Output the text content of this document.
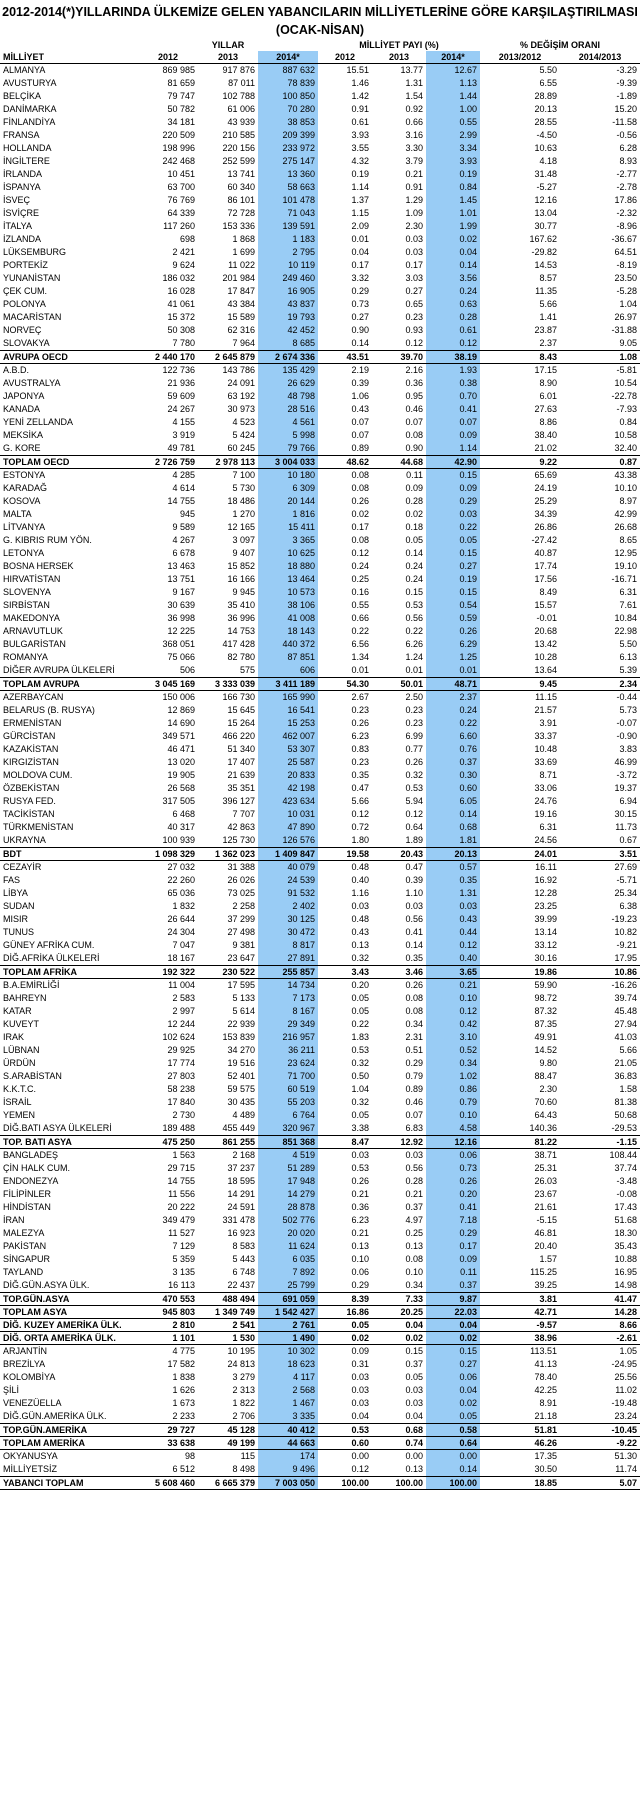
2012-2014(*)YILLARINDA ÜLKEMİZE GELEN YABANCILARIN MİLLİYETLERİNE GÖRE KARŞILAŞTIRILMASI (OCAK-NİSAN)
	YILLAR			MİLLİYET PAYI (%)			% DEĞİŞİM ORANI	
MİLLİYET	2012	2013	2014*	2012	2013	2014*	2013/2012	2014/2013
ALMANYA	869 985	917 876	887 632	15.51	13.77	12.67	5.50	-3.29
AVUSTURYA	81 659	87 011	78 839	1.46	1.31	1.13	6.55	-9.39
BELÇİKA	79 747	102 788	100 850	1.42	1.54	1.44	28.89	-1.89
DANİMARKA	50 782	61 006	70 280	0.91	0.92	1.00	20.13	15.20
FİNLANDİYA	34 181	43 939	38 853	0.61	0.66	0.55	28.55	-11.58
FRANSA	220 509	210 585	209 399	3.93	3.16	2.99	-4.50	-0.56
HOLLANDA	198 996	220 156	233 972	3.55	3.30	3.34	10.63	6.28
İNGİLTERE	242 468	252 599	275 147	4.32	3.79	3.93	4.18	8.93
İRLANDA	10 451	13 741	13 360	0.19	0.21	0.19	31.48	-2.77
İSPANYA	63 700	60 340	58 663	1.14	0.91	0.84	-5.27	-2.78
İSVEÇ	76 769	86 101	101 478	1.37	1.29	1.45	12.16	17.86
İSVİÇRE	64 339	72 728	71 043	1.15	1.09	1.01	13.04	-2.32
İTALYA	117 260	153 336	139 591	2.09	2.30	1.99	30.77	-8.96
İZLANDA	698	1 868	1 183	0.01	0.03	0.02	167.62	-36.67
LÜKSEMBURG	2 421	1 699	2 795	0.04	0.03	0.04	-29.82	64.51
PORTEKİZ	9 624	11 022	10 119	0.17	0.17	0.14	14.53	-8.19
YUNANİSTAN	186 032	201 984	249 460	3.32	3.03	3.56	8.57	23.50
ÇEK CUM.	16 028	17 847	16 905	0.29	0.27	0.24	11.35	-5.28
POLONYA	41 061	43 384	43 837	0.73	0.65	0.63	5.66	1.04
MACARİSTAN	15 372	15 589	19 793	0.27	0.23	0.28	1.41	26.97
NORVEÇ	50 308	62 316	42 452	0.90	0.93	0.61	23.87	-31.88
SLOVAKYA	7 780	7 964	8 685	0.14	0.12	0.12	2.37	9.05
AVRUPA OECD	2 440 170	2 645 879	2 674 336	43.51	39.70	38.19	8.43	1.08
A.B.D.	122 736	143 786	135 429	2.19	2.16	1.93	17.15	-5.81
AVUSTRALYA	21 936	24 091	26 629	0.39	0.36	0.38	8.90	10.54
JAPONYA	59 609	63 192	48 798	1.06	0.95	0.70	6.01	-22.78
KANADA	24 267	30 973	28 516	0.43	0.46	0.41	27.63	-7.93
YENİ ZELLANDA	4 155	4 523	4 561	0.07	0.07	0.07	8.86	0.84
MEKSİKA	3 919	5 424	5 998	0.07	0.08	0.09	38.40	10.58
G. KORE	49 781	60 245	79 766	0.89	0.90	1.14	21.02	32.40
TOPLAM OECD	2 726 759	2 978 113	3 004 033	48.62	44.68	42.90	9.22	0.87
ESTONYA	4 285	7 100	10 180	0.08	0.11	0.15	65.69	43.38
KARADAĞ	4 614	5 730	6 309	0.08	0.09	0.09	24.19	10.10
KOSOVA	14 755	18 486	20 144	0.26	0.28	0.29	25.29	8.97
MALTA	945	1 270	1 816	0.02	0.02	0.03	34.39	42.99
LİTVANYA	9 589	12 165	15 411	0.17	0.18	0.22	26.86	26.68
G. KIBRIS RUM YÖN.	4 267	3 097	3 365	0.08	0.05	0.05	-27.42	8.65
LETONYA	6 678	9 407	10 625	0.12	0.14	0.15	40.87	12.95
BOSNA HERSEK	13 463	15 852	18 880	0.24	0.24	0.27	17.74	19.10
HIRVATİSTAN	13 751	16 166	13 464	0.25	0.24	0.19	17.56	-16.71
SLOVENYA	9 167	9 945	10 573	0.16	0.15	0.15	8.49	6.31
SIRBİSTAN	30 639	35 410	38 106	0.55	0.53	0.54	15.57	7.61
MAKEDONYA	36 998	36 996	41 008	0.66	0.56	0.59	-0.01	10.84
ARNAVUTLUK	12 225	14 753	18 143	0.22	0.22	0.26	20.68	22.98
BULGARİSTAN	368 051	417 428	440 372	6.56	6.26	6.29	13.42	5.50
ROMANYA	75 066	82 780	87 851	1.34	1.24	1.25	10.28	6.13
DİĞER AVRUPA ÜLKELERİ	506	575	606	0.01	0.01	0.01	13.64	5.39
TOPLAM AVRUPA	3 045 169	3 333 039	3 411 189	54.30	50.01	48.71	9.45	2.34
AZERBAYCAN	150 006	166 730	165 990	2.67	2.50	2.37	11.15	-0.44
BELARUS (B. RUSYA)	12 869	15 645	16 541	0.23	0.23	0.24	21.57	5.73
ERMENİSTAN	14 690	15 264	15 253	0.26	0.23	0.22	3.91	-0.07
GÜRCİSTAN	349 571	466 220	462 007	6.23	6.99	6.60	33.37	-0.90
KAZAKİSTAN	46 471	51 340	53 307	0.83	0.77	0.76	10.48	3.83
KIRGIZİSTAN	13 020	17 407	25 587	0.23	0.26	0.37	33.69	46.99
MOLDOVA CUM.	19 905	21 639	20 833	0.35	0.32	0.30	8.71	-3.72
ÖZBEKİSTAN	26 568	35 351	42 198	0.47	0.53	0.60	33.06	19.37
RUSYA FED.	317 505	396 127	423 634	5.66	5.94	6.05	24.76	6.94
TACİKİSTAN	6 468	7 707	10 031	0.12	0.12	0.14	19.16	30.15
TÜRKMENİSTAN	40 317	42 863	47 890	0.72	0.64	0.68	6.31	11.73
UKRAYNA	100 939	125 730	126 576	1.80	1.89	1.81	24.56	0.67
BDT	1 098 329	1 362 023	1 409 847	19.58	20.43	20.13	24.01	3.51
CEZAYİR	27 032	31 388	40 079	0.48	0.47	0.57	16.11	27.69
FAS	22 260	26 026	24 539	0.40	0.39	0.35	16.92	-5.71
LİBYA	65 036	73 025	91 532	1.16	1.10	1.31	12.28	25.34
SUDAN	1 832	2 258	2 402	0.03	0.03	0.03	23.25	6.38
MISIR	26 644	37 299	30 125	0.48	0.56	0.43	39.99	-19.23
TUNUS	24 304	27 498	30 472	0.43	0.41	0.44	13.14	10.82
GÜNEY AFRİKA CUM.	7 047	9 381	8 817	0.13	0.14	0.12	33.12	-9.21
DİĞ.AFRİKA ÜLKELERİ	18 167	23 647	27 891	0.32	0.35	0.40	30.16	17.95
TOPLAM AFRİKA	192 322	230 522	255 857	3.43	3.46	3.65	19.86	10.86
B.A.EMİRLİĞİ	11 004	17 595	14 734	0.20	0.26	0.21	59.90	-16.26
BAHREYN	2 583	5 133	7 173	0.05	0.08	0.10	98.72	39.74
KATAR	2 997	5 614	8 167	0.05	0.08	0.12	87.32	45.48
KUVEYT	12 244	22 939	29 349	0.22	0.34	0.42	87.35	27.94
IRAK	102 624	153 839	216 957	1.83	2.31	3.10	49.91	41.03
LÜBNAN	29 925	34 270	36 211	0.53	0.51	0.52	14.52	5.66
ÜRDÜN	17 774	19 516	23 624	0.32	0.29	0.34	9.80	21.05
S.ARABİSTAN	27 803	52 401	71 700	0.50	0.79	1.02	88.47	36.83
K.K.T.C.	58 238	59 575	60 519	1.04	0.89	0.86	2.30	1.58
İSRAİL	17 840	30 435	55 203	0.32	0.46	0.79	70.60	81.38
YEMEN	2 730	4 489	6 764	0.05	0.07	0.10	64.43	50.68
DİĞ.BATI ASYA ÜLKELERİ	189 488	455 449	320 967	3.38	6.83	4.58	140.36	-29.53
TOP. BATI ASYA	475 250	861 255	851 368	8.47	12.92	12.16	81.22	-1.15
BANGLADEŞ	1 563	2 168	4 519	0.03	0.03	0.06	38.71	108.44
ÇİN HALK CUM.	29 715	37 237	51 289	0.53	0.56	0.73	25.31	37.74
ENDONEZYA	14 755	18 595	17 948	0.26	0.28	0.26	26.03	-3.48
FİLİPİNLER	11 556	14 291	14 279	0.21	0.21	0.20	23.67	-0.08
HİNDİSTAN	20 222	24 591	28 878	0.36	0.37	0.41	21.61	17.43
İRAN	349 479	331 478	502 776	6.23	4.97	7.18	-5.15	51.68
MALEZYA	11 527	16 923	20 020	0.21	0.25	0.29	46.81	18.30
PAKİSTAN	7 129	8 583	11 624	0.13	0.13	0.17	20.40	35.43
SİNGAPUR	5 359	5 443	6 035	0.10	0.08	0.09	1.57	10.88
TAYLAND	3 135	6 748	7 892	0.06	0.10	0.11	115.25	16.95
DİĞ.GÜN.ASYA ÜLK.	16 113	22 437	25 799	0.29	0.34	0.37	39.25	14.98
TOP.GÜN.ASYA	470 553	488 494	691 059	8.39	7.33	9.87	3.81	41.47
TOPLAM ASYA	945 803	1 349 749	1 542 427	16.86	20.25	22.03	42.71	14.28
DİĞ. KUZEY AMERİKA ÜLK.	2 810	2 541	2 761	0.05	0.04	0.04	-9.57	8.66
DİĞ. ORTA AMERİKA ÜLK.	1 101	1 530	1 490	0.02	0.02	0.02	38.96	-2.61
ARJANTİN	4 775	10 195	10 302	0.09	0.15	0.15	113.51	1.05
BREZİLYA	17 582	24 813	18 623	0.31	0.37	0.27	41.13	-24.95
KOLOMBİYA	1 838	3 279	4 117	0.03	0.05	0.06	78.40	25.56
ŞİLİ	1 626	2 313	2 568	0.03	0.03	0.04	42.25	11.02
VENEZÜELLA	1 673	1 822	1 467	0.03	0.03	0.02	8.91	-19.48
DİĞ.GÜN.AMERİKA ÜLK.	2 233	2 706	3 335	0.04	0.04	0.05	21.18	23.24
TOP.GÜN.AMERİKA	29 727	45 128	40 412	0.53	0.68	0.58	51.81	-10.45
TOPLAM AMERİKA	33 638	49 199	44 663	0.60	0.74	0.64	46.26	-9.22
OKYANUSYA	98	115	174	0.00	0.00	0.00	17.35	51.30
MİLLİYETSİZ	6 512	8 498	9 496	0.12	0.13	0.14	30.50	11.74
YABANCI TOPLAM	5 608 460	6 665 379	7 003 050	100.00	100.00	100.00	18.85	5.07
